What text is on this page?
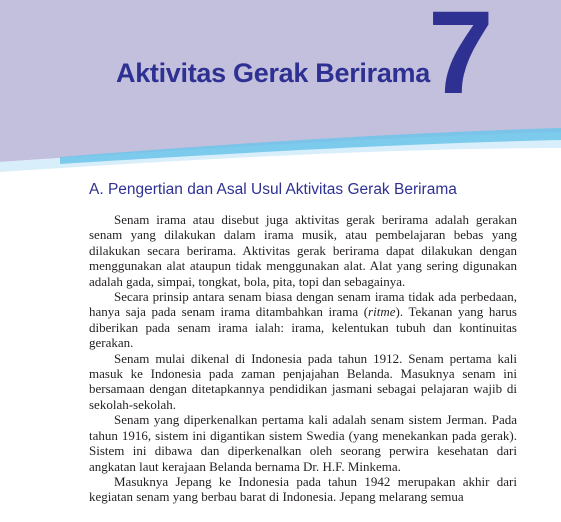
Aktivitas Gerak Berirama
7
A. Pengertian dan Asal Usul Aktivitas Gerak Berirama

Senam irama atau disebut juga aktivitas gerak berirama adalah gerakan senam yang dilakukan dalam irama musik, atau pembelajaran bebas yang dilakukan secara berirama. Aktivitas gerak berirama dapat dilakukan dengan menggunakan alat ataupun tidak menggunakan alat. Alat yang sering digunakan adalah gada, simpai, tongkat, bola, pita, topi dan sebagainya.

Secara prinsip antara senam biasa dengan senam irama tidak ada perbedaan, hanya saja pada senam irama ditambahkan irama (ritme). Tekanan yang harus diberikan pada senam irama ialah: irama, kelentukan tubuh dan kontinuitas gerakan.

Senam mulai dikenal di Indonesia pada tahun 1912. Senam pertama kali masuk ke Indonesia pada zaman penjajahan Belanda. Masuknya senam ini bersamaan dengan ditetapkannya pendidikan jasmani sebagai pelajaran wajib di sekolah-sekolah.

Senam yang diperkenalkan pertama kali adalah senam sistem Jerman. Pada tahun 1916, sistem ini digantikan sistem Swedia (yang menekankan pada gerak). Sistem ini dibawa dan diperkenalkan oleh seorang perwira kesehatan dari angkatan laut kerajaan Belanda bernama Dr. H.F. Minkema.

Masuknya Jepang ke Indonesia pada tahun 1942 merupakan akhir dari kegiatan senam yang berbau barat di Indonesia. Jepang melarang semua
